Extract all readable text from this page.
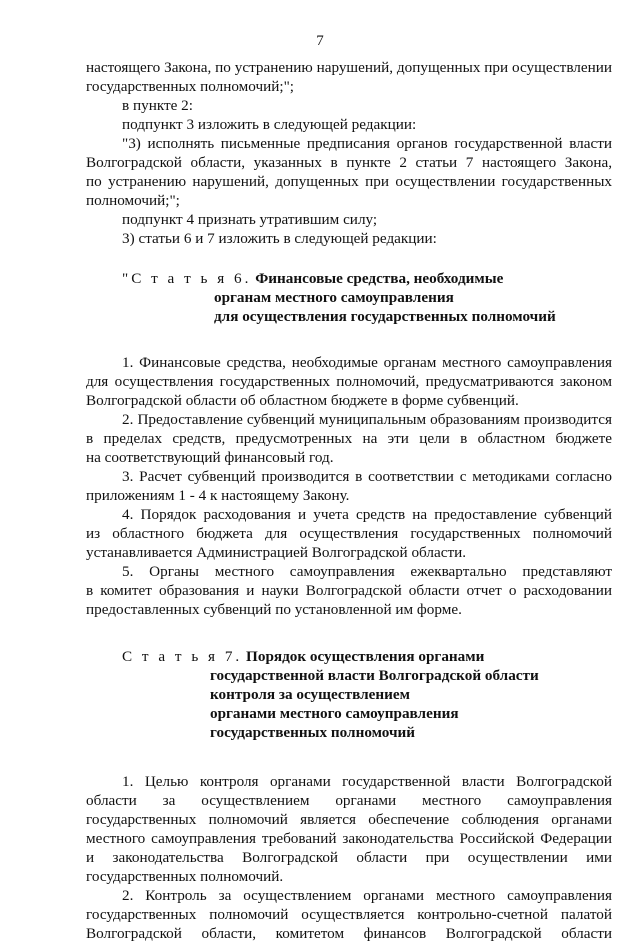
7

настоящего Закона, по устранению нарушений, допущенных при осуществлении

государственных полномочий;";

в пункте 2:

подпункт 3 изложить в следующей редакции:

"3) исполнять письменные предписания органов государственной власти

Волгоградской области, указанных в пункте 2 статьи 7 настоящего Закона,

по устранению нарушений, допущенных при осуществлении государственных

полномочий;";

подпункт 4 признать утратившим силу;

3) статьи 6 и 7 изложить в следующей редакции:

"С т а т ь я 6. Финансовые средства, необходимые
органам местного самоуправления
для осуществления государственных полномочий

1. Финансовые средства, необходимые органам местного самоуправления

для осуществления государственных полномочий, предусматриваются законом

Волгоградской области об областном бюджете в форме субвенций.

2. Предоставление субвенций муниципальным образованиям производится

в пределах средств, предусмотренных на эти цели в областном бюджете

на соответствующий финансовый год.

3. Расчет субвенций производится в соответствии с методиками согласно

приложениям 1 - 4 к настоящему Закону.

4. Порядок расходования и учета средств на предоставление субвенций

из областного бюджета для осуществления государственных полномочий

устанавливается Администрацией Волгоградской области.

5. Органы местного самоуправления ежеквартально представляют

в комитет образования и науки Волгоградской области отчет о расходовании

предоставленных субвенций по установленной им форме.

С т а т ь я 7. Порядок осуществления органами
государственной власти Волгоградской области
контроля за осуществлением
органами местного самоуправления
государственных полномочий

1. Целью контроля органами государственной власти Волгоградской

области за осуществлением органами местного самоуправления

государственных полномочий является обеспечение соблюдения органами

местного самоуправления требований законодательства Российской Федерации

и законодательства Волгоградской области при осуществлении ими

государственных полномочий.

2. Контроль за осуществлением органами местного самоуправления

государственных полномочий осуществляется контрольно-счетной палатой

Волгоградской области, комитетом финансов Волгоградской области
